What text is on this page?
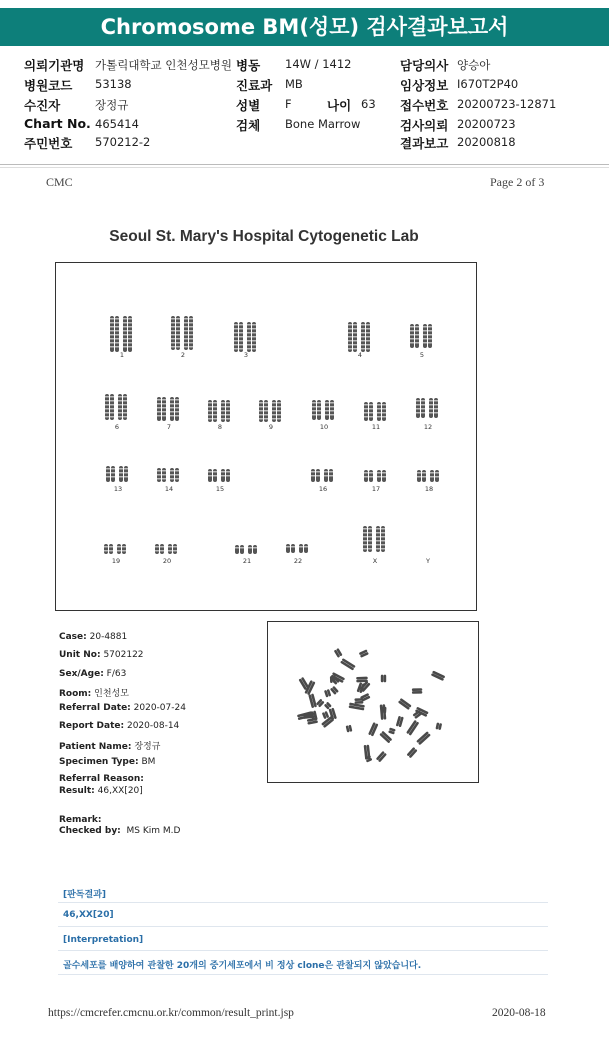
Chromosome BM(성모) 검사결과보고서
의뢰기관명 가톨릭대학교 인천성모병원
병원코드 53138
수진자	장정규
Chart No. 465414
주민번호 570212-2
병동 14W / 1412
진료과 MB
성별 F	나이 63
검체 Bone Marrow
담당의사 양승아
임상정보 I670T2P40
접수번호 20200723-12871
검사의뢰 20200723
결과보고 20200818
CMC	Page 2 of 3
Seoul St. Mary's Hospital Cytogenetic Lab
1	2	3	4	5
6	7	8	9	10	11	12
13	14	15	16	17	18
19	20	21	22	X	Y
Case: 20-4881
Unit No: 5702122
Sex/Age: F/63
Room: 인천성모
Referral Date: 2020-07-24
Report Date: 2020-08-14
Patient Name: 장정규
Specimen Type: BM
Referral Reason:
Result: 46,XX[20]
Remark:
Checked by: MS Kim M.D
[판독결과]
46,XX[20]
[Interpretation]
골수세포를 배양하여 관찰한 20개의 중기세포에서 비 정상 clone은 관찰되지 않았습니다.
https://cmcrefer.cmcnu.or.kr/common/result_print.jsp	2020-08-18
